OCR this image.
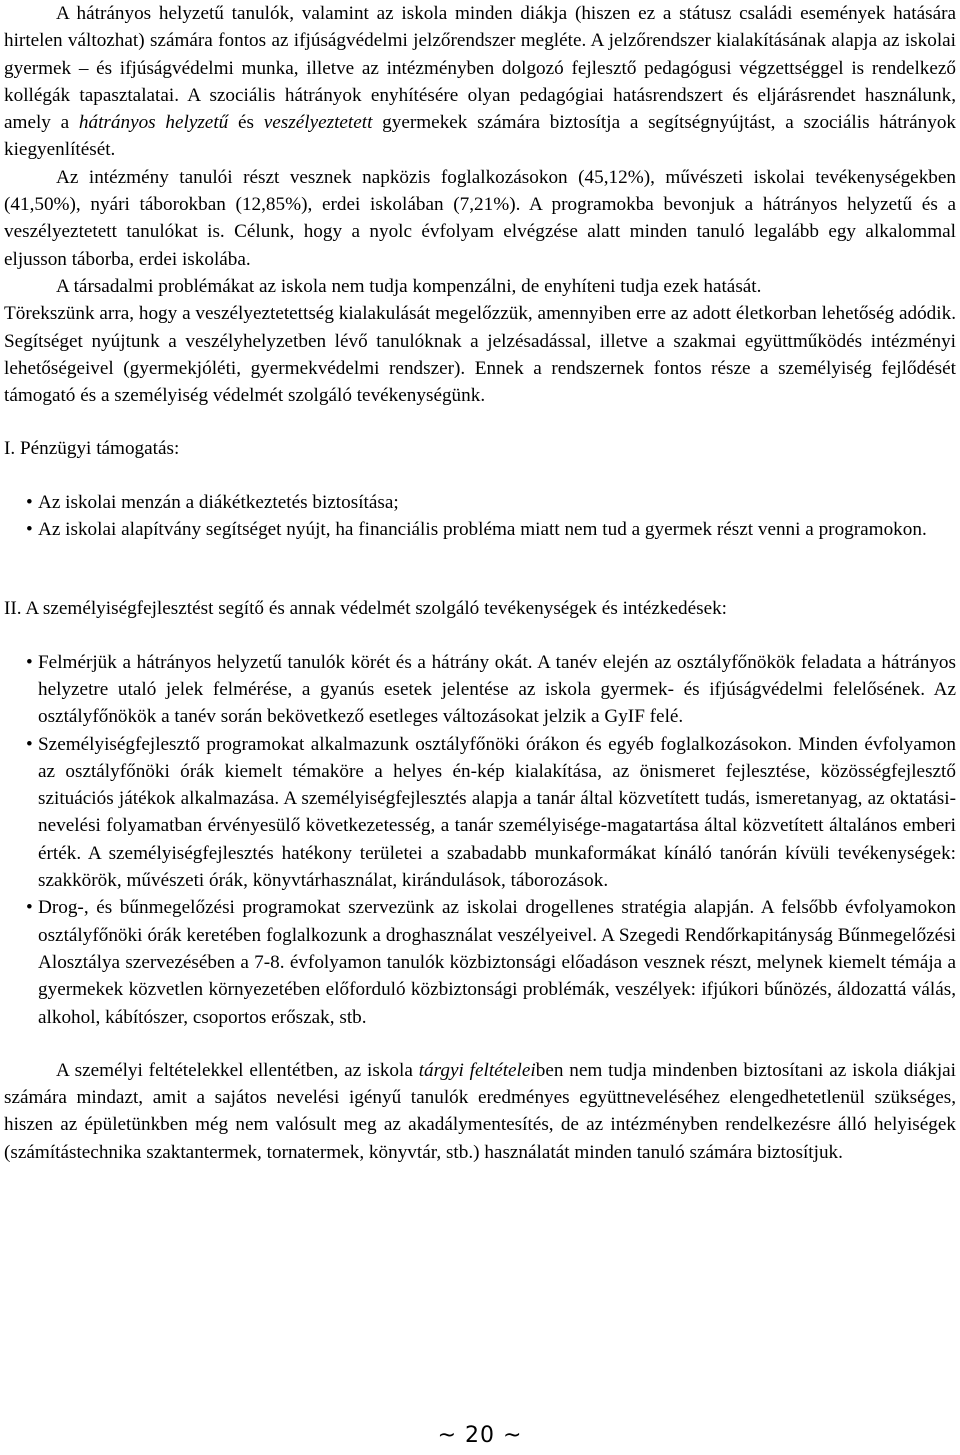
A hátrányos helyzetű tanulók, valamint az iskola minden diákja (hiszen ez a státusz családi események hatására hirtelen változhat) számára fontos az ifjúságvédelmi jelzőrendszer megléte. A jelzőrendszer kialakításának alapja az iskolai gyermek – és ifjúságvédelmi munka, illetve az intézményben dolgozó fejlesztő pedagógusi végzettséggel is rendelkező kollégák tapasztalatai. A szociális hátrányok enyhítésére olyan pedagógiai hatásrendszert és eljárásrendet használunk, amely a hátrányos helyzetű és veszélyeztetett gyermekek számára biztosítja a segítségnyújtást, a szociális hátrányok kiegyenlítését.

Az intézmény tanulói részt vesznek napközis foglalkozásokon (45,12%), művészeti iskolai tevékenységekben (41,50%), nyári táborokban (12,85%), erdei iskolában (7,21%). A programokba bevonjuk a hátrányos helyzetű és a veszélyeztetett tanulókat is. Célunk, hogy a nyolc évfolyam elvégzése alatt minden tanuló legalább egy alkalommal eljusson táborba, erdei iskolába.

A társadalmi problémákat az iskola nem tudja kompenzálni, de enyhíteni tudja ezek hatását.

Törekszünk arra, hogy a veszélyeztetettség kialakulását megelőzzük, amennyiben erre az adott életkorban lehetőség adódik. Segítséget nyújtunk a veszélyhelyzetben lévő tanulóknak a jelzésadással, illetve a szakmai együttműködés intézményi lehetőségeivel (gyermekjóléti, gyermekvédelmi rendszer). Ennek a rendszernek fontos része a személyiség fejlődését támogató és a személyiség védelmét szolgáló tevékenységünk.

I. Pénzügyi támogatás:

• Az iskolai menzán a diákétkeztetés biztosítása;
• Az iskolai alapítvány segítséget nyújt, ha financiális probléma miatt nem tud a gyermek részt venni a programokon.

II. A személyiségfejlesztést segítő és annak védelmét szolgáló tevékenységek és intézkedések:

• Felmérjük a hátrányos helyzetű tanulók körét és a hátrány okát. A tanév elején az osztályfőnökök feladata a hátrányos helyzetre utaló jelek felmérése, a gyanús esetek jelentése az iskola gyermek- és ifjúságvédelmi felelősének. Az osztályfőnökök a tanév során bekövetkező esetleges változásokat jelzik a GyIF felé.
• Személyiségfejlesztő programokat alkalmazunk osztályfőnöki órákon és egyéb foglalkozásokon. Minden évfolyamon az osztályfőnöki órák kiemelt témaköre a helyes én-kép kialakítása, az önismeret fejlesztése, közösségfejlesztő szituációs játékok alkalmazása. A személyiségfejlesztés alapja a tanár által közvetített tudás, ismeretanyag, az oktatási-nevelési folyamatban érvényesülő következetesség, a tanár személyisége-magatartása által közvetített általános emberi érték. A személyiségfejlesztés hatékony területei a szabadabb munkaformákat kínáló tanórán kívüli tevékenységek: szakkörök, művészeti órák, könyvtárhasználat, kirándulások, táborozások.
• Drog-, és bűnmegelőzési programokat szervezünk az iskolai drogellenes stratégia alapján. A felsőbb évfolyamokon osztályfőnöki órák keretében foglalkozunk a droghasználat veszélyeivel. A Szegedi Rendőrkapitányság Bűnmegelőzési Alosztálya szervezésében a 7-8. évfolyamon tanulók közbiztonsági előadáson vesznek részt, melynek kiemelt témája a gyermekek közvetlen környezetében előforduló közbiztonsági problémák, veszélyek: ifjúkori bűnözés, áldozattá válás, alkohol, kábítószer, csoportos erőszak, stb.

A személyi feltételekkel ellentétben, az iskola tárgyi feltételeiben nem tudja mindenben biztosítani az iskola diákjai számára mindazt, amit a sajátos nevelési igényű tanulók eredményes együttneveléséhez elengedhetetlenül szükséges, hiszen az épületünkben még nem valósult meg az akadálymentesítés, de az intézményben rendelkezésre álló helyiségek (számítástechnika szaktantermek, tornatermek, könyvtár, stb.) használatát minden tanuló számára biztosítjuk.

~ 20 ~
